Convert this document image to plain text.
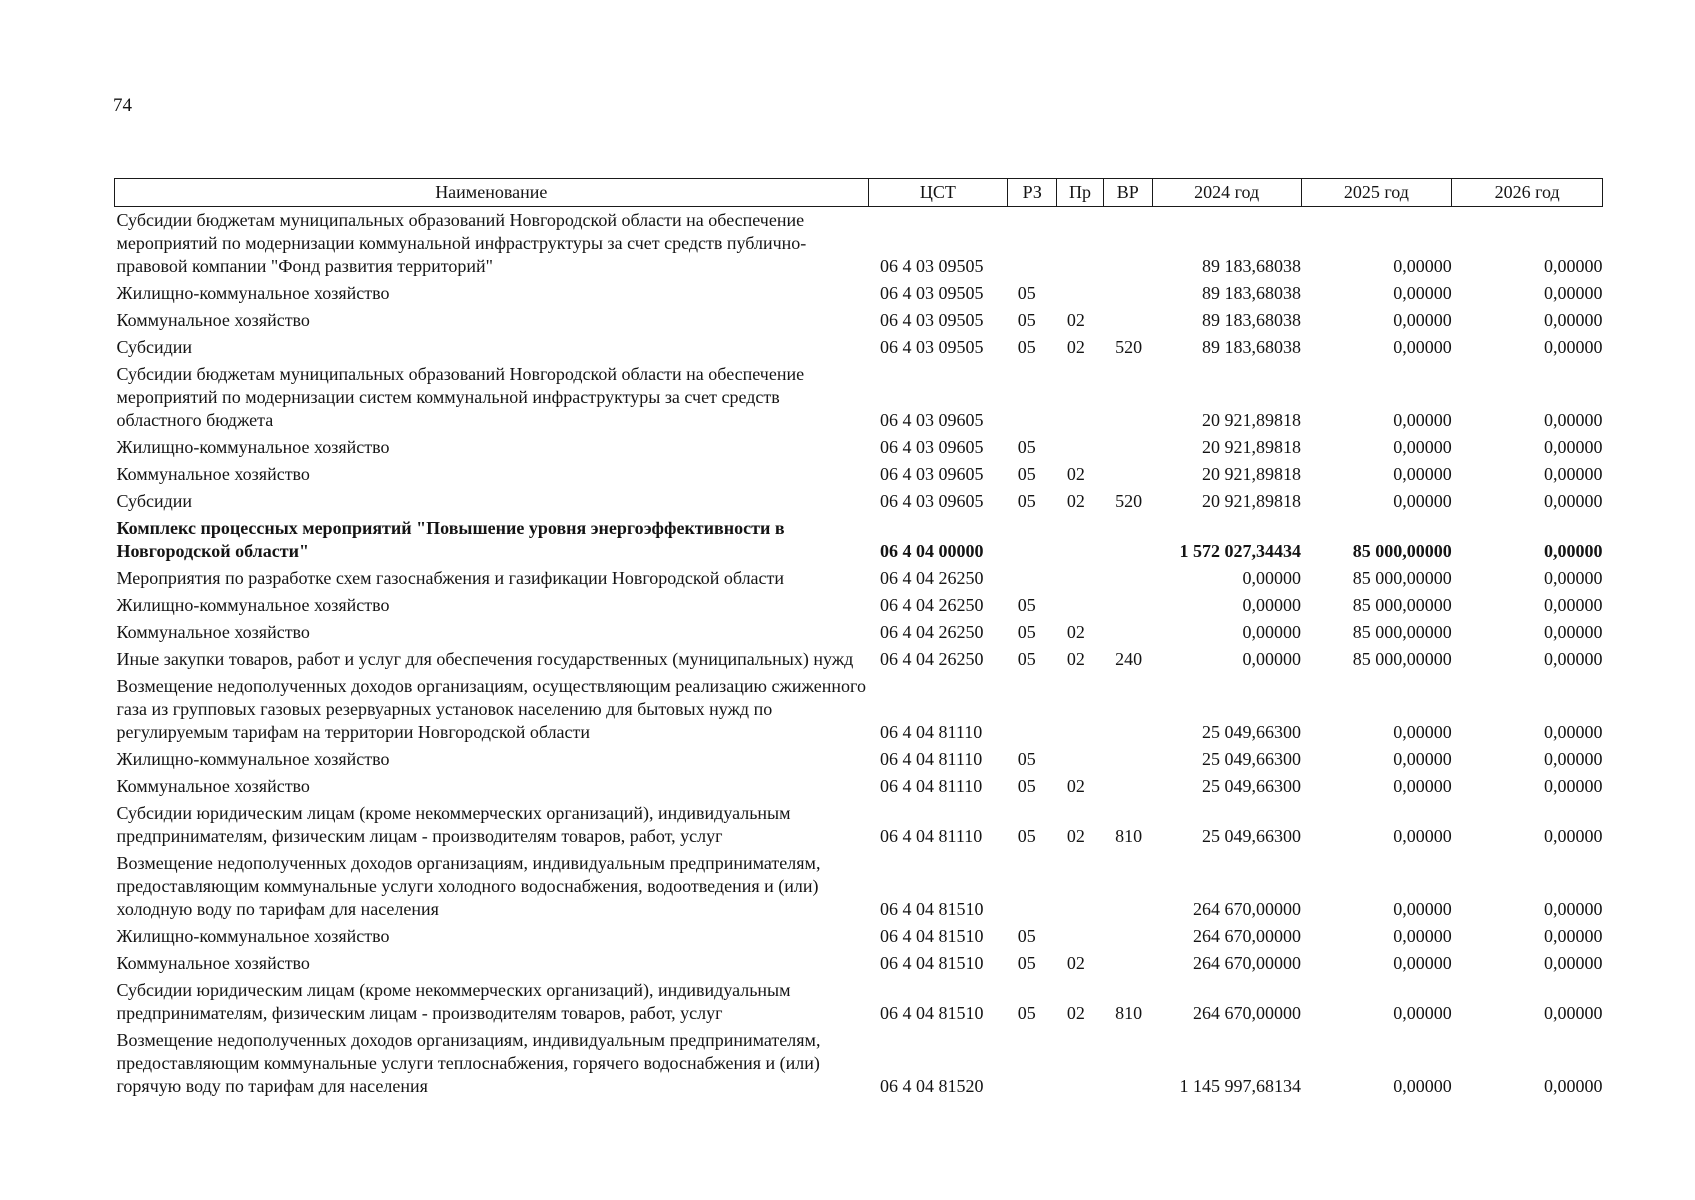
74
Наименование	ЦСТ	РЗ	Пр	ВР	2024 год	2025 год	2026 год
Субсидии бюджетам муниципальных образований Новгородской области на обеспечение мероприятий по модернизации коммунальной инфраструктуры за счет средств публично-правовой компании "Фонд развития территорий"	06 4 03 09505				89 183,68038	0,00000	0,00000
Жилищно-коммунальное хозяйство	06 4 03 09505	05			89 183,68038	0,00000	0,00000
Коммунальное хозяйство	06 4 03 09505	05	02		89 183,68038	0,00000	0,00000
Субсидии	06 4 03 09505	05	02	520	89 183,68038	0,00000	0,00000
Субсидии бюджетам муниципальных образований Новгородской области на обеспечение мероприятий по модернизации систем коммунальной инфраструктуры за счет средств областного бюджета	06 4 03 09605				20 921,89818	0,00000	0,00000
Жилищно-коммунальное хозяйство	06 4 03 09605	05			20 921,89818	0,00000	0,00000
Коммунальное хозяйство	06 4 03 09605	05	02		20 921,89818	0,00000	0,00000
Субсидии	06 4 03 09605	05	02	520	20 921,89818	0,00000	0,00000
Комплекс процессных мероприятий "Повышение уровня энергоэффективности в Новгородской области"	06 4 04 00000				1 572 027,34434	85 000,00000	0,00000
Мероприятия по разработке схем газоснабжения и газификации Новгородской области	06 4 04 26250				0,00000	85 000,00000	0,00000
Жилищно-коммунальное хозяйство	06 4 04 26250	05			0,00000	85 000,00000	0,00000
Коммунальное хозяйство	06 4 04 26250	05	02		0,00000	85 000,00000	0,00000
Иные закупки товаров, работ и услуг для обеспечения государственных (муниципальных) нужд	06 4 04 26250	05	02	240	0,00000	85 000,00000	0,00000
Возмещение недополученных доходов организациям, осуществляющим реализацию сжиженного газа из групповых газовых резервуарных установок населению для бытовых нужд по регулируемым тарифам на территории Новгородской области	06 4 04 81110				25 049,66300	0,00000	0,00000
Жилищно-коммунальное хозяйство	06 4 04 81110	05			25 049,66300	0,00000	0,00000
Коммунальное хозяйство	06 4 04 81110	05	02		25 049,66300	0,00000	0,00000
Субсидии юридическим лицам (кроме некоммерческих организаций), индивидуальным предпринимателям, физическим лицам - производителям товаров, работ, услуг	06 4 04 81110	05	02	810	25 049,66300	0,00000	0,00000
Возмещение недополученных доходов организациям, индивидуальным предпринимателям, предоставляющим коммунальные услуги холодного водоснабжения, водоотведения и (или) холодную воду по тарифам для населения	06 4 04 81510				264 670,00000	0,00000	0,00000
Жилищно-коммунальное хозяйство	06 4 04 81510	05			264 670,00000	0,00000	0,00000
Коммунальное хозяйство	06 4 04 81510	05	02		264 670,00000	0,00000	0,00000
Субсидии юридическим лицам (кроме некоммерческих организаций), индивидуальным предпринимателям, физическим лицам - производителям товаров, работ, услуг	06 4 04 81510	05	02	810	264 670,00000	0,00000	0,00000
Возмещение недополученных доходов организациям, индивидуальным предпринимателям, предоставляющим коммунальные услуги теплоснабжения, горячего водоснабжения и (или) горячую воду по тарифам для населения	06 4 04 81520				1 145 997,68134	0,00000	0,00000
